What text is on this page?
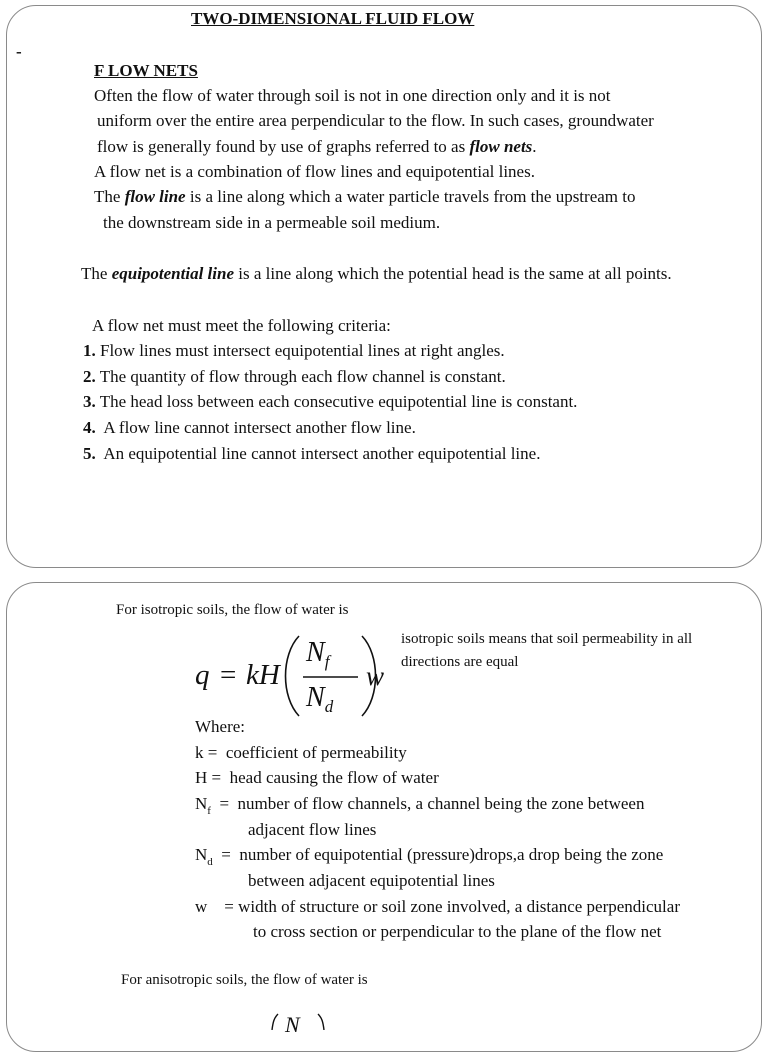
TWO-DIMENSIONAL FLUID FLOW
-
F LOW NETS
Often the flow of water through soil is not in one direction only and it is not
uniform over the entire area perpendicular to the flow. In such cases, groundwater
flow is generally found by use of graphs referred to as flow nets.
A flow net is a combination of flow lines and equipotential lines.
The flow line is a line along which a water particle travels from the upstream to
the downstream side in a permeable soil medium.
The equipotential line is a line along which the potential head is the same at all points.
A flow net must meet the following criteria:
1. Flow lines must intersect equipotential lines at right angles.
2. The quantity of flow through each flow channel is constant.
3. The head loss between each consecutive equipotential line is constant.
4. A flow line cannot intersect another flow line.
5. An equipotential line cannot intersect another equipotential line.
For isotropic soils, the flow of water is
q = kH
$N_f$
$N_d$
w
isotropic soils means that soil permeability in all
directions are equal
Where:
k = coefficient of permeability
H = head causing the flow of water
$N_f$ = number of flow channels, a channel being the zone between
adjacent flow lines
$N_d$ = number of equipotential (pressure)drops,a drop being the zone
between adjacent equipotential lines
w = width of structure or soil zone involved, a distance perpendicular
to cross section or perpendicular to the plane of the flow net
For anisotropic soils, the flow of water is
N
